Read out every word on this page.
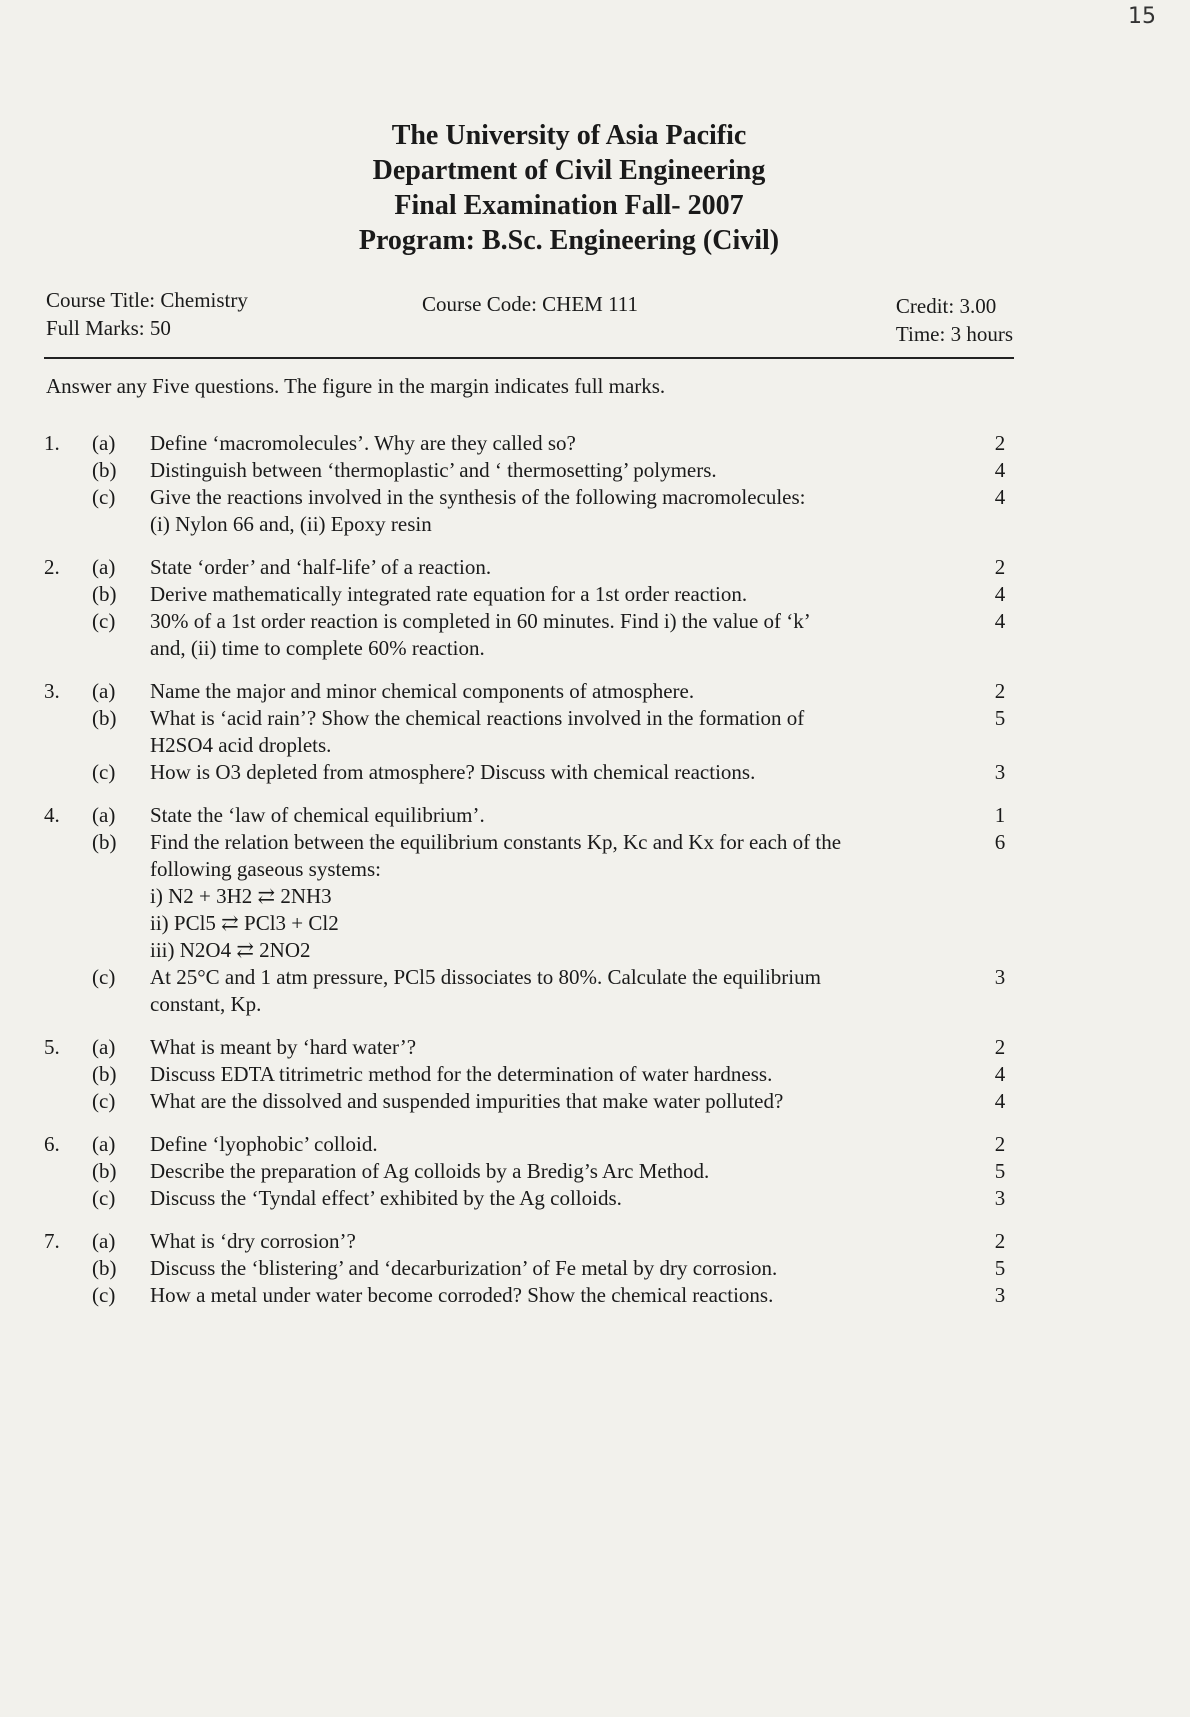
15
The University of Asia Pacific
Department of Civil Engineering
Final Examination Fall- 2007
Program: B.Sc. Engineering (Civil)
Course Title: Chemistry
Full Marks: 50
Course Code: CHEM 111	Credit: 3.00
Time: 3 hours
Answer any Five questions. The figure in the margin indicates full marks.
1. (a) Define ‘macromolecules’. Why are they called so?	2
(b) Distinguish between ‘thermoplastic’ and ‘ thermosetting’ polymers.	4
(c) Give the reactions involved in the synthesis of the following macromolecules:	4
(i) Nylon 66 and, (ii) Epoxy resin
2. (a) State ‘order’ and ‘half-life’ of a reaction.	2
(b) Derive mathematically integrated rate equation for a 1st order reaction.	4
(c) 30% of a 1st order reaction is completed in 60 minutes. Find i) the value of ‘k’	4
and, (ii) time to complete 60% reaction.
3. (a) Name the major and minor chemical components of atmosphere.	2
(b) What is ‘acid rain’? Show the chemical reactions involved in the formation of	5
H2SO4 acid droplets.
(c) How is O3 depleted from atmosphere? Discuss with chemical reactions.	3
4. (a) State the ‘law of chemical equilibrium’.	1
(b) Find the relation between the equilibrium constants Kp, Kc and Kx for each of the	6
following gaseous systems:
i) N2 + 3H2 ⇄ 2NH3
ii) PCl5 ⇄ PCl3 + Cl2
iii) N2O4 ⇄ 2NO2
(c) At 25°C and 1 atm pressure, PCl5 dissociates to 80%. Calculate the equilibrium	3
constant, Kp.
5. (a) What is meant by ‘hard water’?	2
(b) Discuss EDTA titrimetric method for the determination of water hardness.	4
(c) What are the dissolved and suspended impurities that make water polluted?	4
6. (a) Define ‘lyophobic’ colloid.	2
(b) Describe the preparation of Ag colloids by a Bredig’s Arc Method.	5
(c) Discuss the ‘Tyndal effect’ exhibited by the Ag colloids.	3
7. (a) What is ‘dry corrosion’?	2
(b) Discuss the ‘blistering’ and ‘decarburization’ of Fe metal by dry corrosion.	5
(c) How a metal under water become corroded? Show the chemical reactions.	3
